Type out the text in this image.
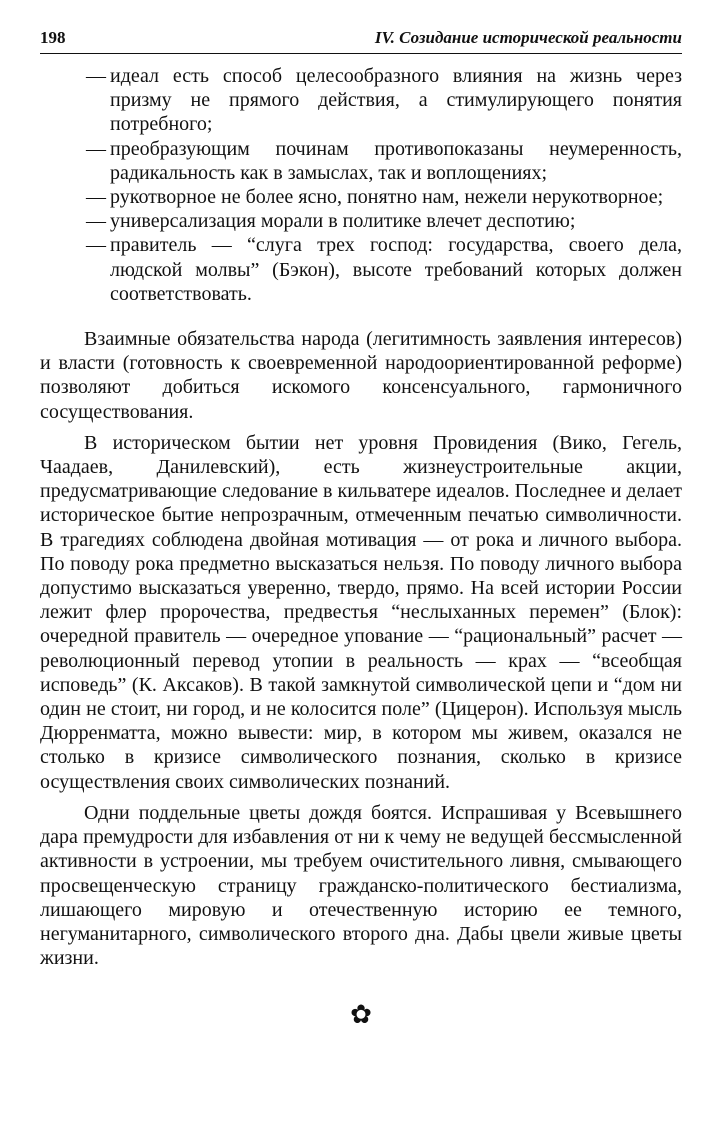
198	IV. Созидание исторической реальности
— идеал есть способ целесообразного влияния на жизнь через призму не прямого действия, а стимулирующего понятия потребного;
— преобразующим починам противопоказаны неумеренность, радикальность как в замыслах, так и воплощениях;
— рукотворное не более ясно, понятно нам, нежели нерукотворное;
— универсализация морали в политике влечет деспотию;
— правитель — “слуга трех господ: государства, своего дела, людской молвы” (Бэкон), высоте требований которых должен соответствовать.

Взаимные обязательства народа (легитимность заявления интересов) и власти (готовность к своевременной народоориентированной реформе) позволяют добиться искомого консенсуального, гармоничного сосуществования.

В историческом бытии нет уровня Провидения (Вико, Гегель, Чаадаев, Данилевский), есть жизнеустроительные акции, предусматривающие следование в кильватере идеалов. Последнее и делает историческое бытие непрозрачным, отмеченным печатью символичности. В трагедиях соблюдена двойная мотивация — от рока и личного выбора. По поводу рока предметно высказаться нельзя. По поводу личного выбора допустимо высказаться уверенно, твердо, прямо. На всей истории России лежит флер пророчества, предвестья “неслыханных перемен” (Блок): очередной правитель — очередное упование — “рациональный” расчет — революционный перевод утопии в реальность — крах — “всеобщая исповедь” (К. Аксаков). В такой замкнутой символической цепи и “дом ни один не стоит, ни город, и не колосится поле” (Цицерон). Используя мысль Дюрренматта, можно вывести: мир, в котором мы живем, оказался не столько в кризисе символического познания, сколько в кризисе осуществления своих символических познаний.

Одни поддельные цветы дождя боятся. Испрашивая у Всевышнего дара премудрости для избавления от ни к чему не ведущей бессмысленной активности в устроении, мы требуем очистительного ливня, смывающего просвещенческую страницу гражданско-политического бестиализма, лишающего мировую и отечественную историю ее темного, негуманитарного, символического второго дна. Дабы цвели живые цветы жизни.

✿
